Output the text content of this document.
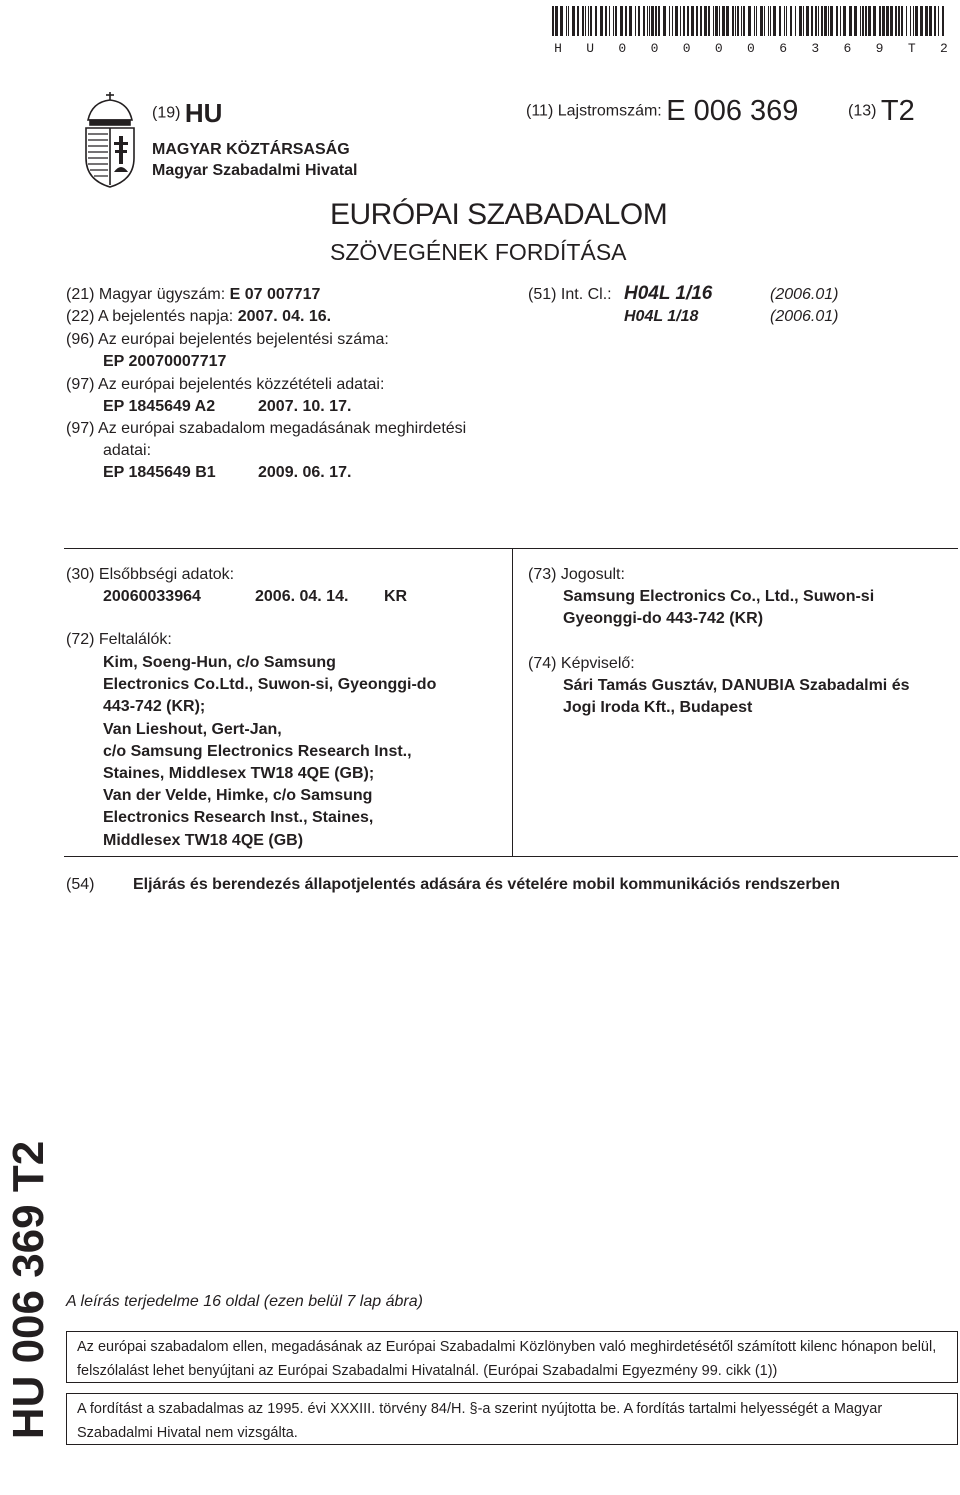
H U 0 0 0 0 0 6 3 6 9 T 2
(19) HU	(11) Lajstromszám: E 006 369	(13) T2
MAGYAR KÖZTÁRSASÁG
Magyar Szabadalmi Hivatal
EURÓPAI SZABADALOM
SZÖVEGÉNEK FORDÍTÁSA
(21) Magyar ügyszám: E 07 007717
(22) A bejelentés napja: 2007. 04. 16.
(96) Az európai bejelentés bejelentési száma:
EP 20070007717
(97) Az európai bejelentés közzétételi adatai:
EP 1845649 A2	2007. 10. 17.
(97) Az európai szabadalom megadásának meghirdetési
adatai:
EP 1845649 B1	2009. 06. 17.
(51) Int. Cl.: H04L 1/16	(2006.01)
H04L 1/18	(2006.01)
(30) Elsőbbségi adatok:
20060033964	2006. 04. 14. KR
(72) Feltalálók:
Kim, Soeng-Hun, c/o Samsung
Electronics Co.Ltd., Suwon-si, Gyeonggi-do
443-742 (KR);
Van Lieshout, Gert-Jan,
c/o Samsung Electronics Research Inst.,
Staines, Middlesex TW18 4QE (GB);
Van der Velde, Himke, c/o Samsung
Electronics Research Inst., Staines,
Middlesex TW18 4QE (GB)
(73) Jogosult:
Samsung Electronics Co., Ltd., Suwon-si
Gyeonggi-do 443-742 (KR)
(74) Képviselő:
Sári Tamás Gusztáv, DANUBIA Szabadalmi és
Jogi Iroda Kft., Budapest
(54) Eljárás és berendezés állapotjelentés adására és vételére mobil kommunikációs rendszerben
HU 006 369 T2 A leírás terjedelme 16 oldal (ezen belül 7 lap ábra)

Az európai szabadalom ellen, megadásának az Európai Szabadalmi Közlönyben való meghirdetésétől számított kilenc hónapon belül, felszólalást lehet benyújtani az Európai Szabadalmi Hivatalnál. (Európai Szabadalmi Egyezmény 99. cikk (1))

A fordítást a szabadalmas az 1995. évi XXXIII. törvény 84/H. §-a szerint nyújtotta be. A fordítás tartalmi helyességét a Magyar Szabadalmi Hivatal nem vizsgálta.
